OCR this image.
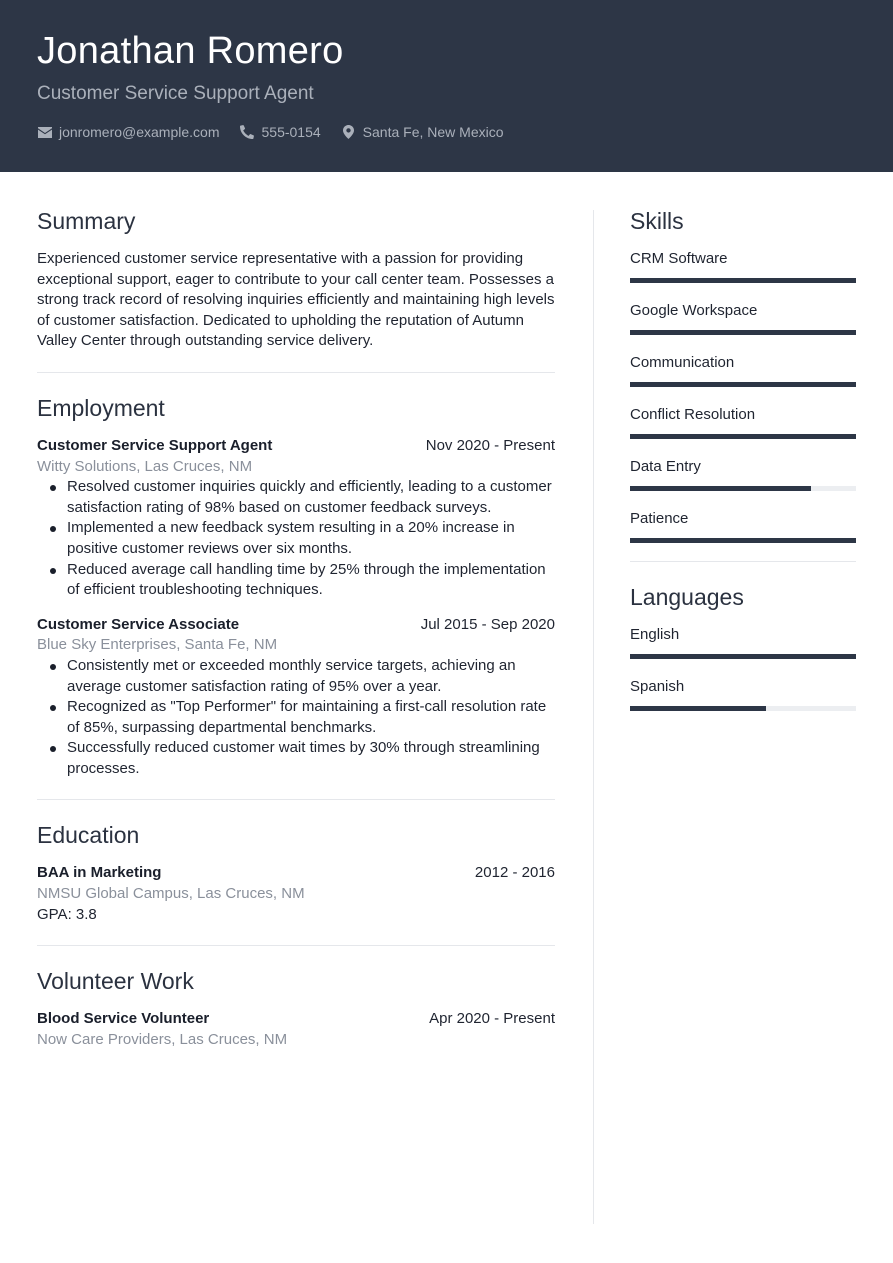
Jonathan Romero
Customer Service Support Agent
jonromero@example.com	555-0154	Santa Fe, New Mexico
Summary

Experienced customer service representative with a passion for providing exceptional support, eager to contribute to your call center team. Possesses a strong track record of resolving inquiries efficiently and maintaining high levels of customer satisfaction. Dedicated to upholding the reputation of Autumn Valley Center through outstanding service delivery.

Employment
Customer Service Support Agent	Nov 2020 - Present
Witty Solutions, Las Cruces, NM
Resolved customer inquiries quickly and efficiently, leading to a customer satisfaction rating of 98% based on customer feedback surveys.
Implemented a new feedback system resulting in a 20% increase in positive customer reviews over six months.
Reduced average call handling time by 25% through the implementation of efficient troubleshooting techniques.
Customer Service Associate	Jul 2015 - Sep 2020
Blue Sky Enterprises, Santa Fe, NM
Consistently met or exceeded monthly service targets, achieving an average customer satisfaction rating of 95% over a year.
Recognized as "Top Performer" for maintaining a first-call resolution rate of 85%, surpassing departmental benchmarks.
Successfully reduced customer wait times by 30% through streamlining processes.
Education
BAA in Marketing	2012 - 2016
NMSU Global Campus, Las Cruces, NM
GPA: 3.8
Volunteer Work
Blood Service Volunteer	Apr 2020 - Present
Now Care Providers, Las Cruces, NM
Skills
CRM Software
Google Workspace
Communication
Conflict Resolution
Data Entry
Patience
Languages
English
Spanish
